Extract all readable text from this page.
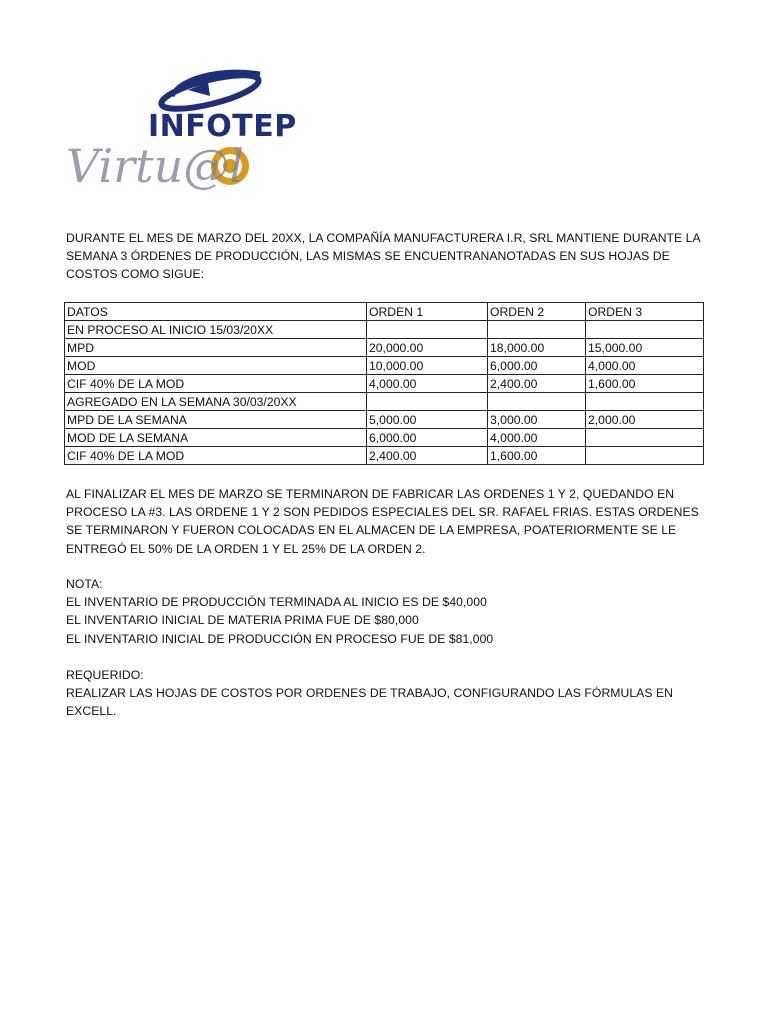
INFOTEP
Virtu@l

DURANTE EL MES DE MARZO DEL 20XX, LA COMPAÑÍA MANUFACTURERA I.R, SRL MANTIENE DURANTE LA SEMANA 3 ÓRDENES DE PRODUCCIÓN, LAS MISMAS SE ENCUENTRANANOTADAS EN SUS HOJAS DE COSTOS COMO SIGUE:

DATOS	ORDEN 1	ORDEN 2	ORDEN 3
EN PROCESO AL INICIO 15/03/20XX			
MPD	20,000.00	18,000.00	15,000.00
MOD	10,000.00	6,000.00	4,000.00
CIF 40% DE LA MOD	4,000.00	2,400.00	1,600.00
AGREGADO EN LA SEMANA 30/03/20XX			
MPD DE LA SEMANA	5,000.00	3,000.00	2,000.00
MOD DE LA SEMANA	6,000.00	4,000.00	
CIF 40% DE LA MOD	2,400.00	1,600.00	

AL FINALIZAR EL MES DE MARZO SE TERMINARON DE FABRICAR LAS ORDENES 1 Y 2, QUEDANDO EN PROCESO LA #3. LAS ORDENE 1 Y 2 SON PEDIDOS ESPECIALES DEL SR. RAFAEL FRIAS. ESTAS ORDENES SE TERMINARON Y FUERON COLOCADAS EN EL ALMACEN DE LA EMPRESA, POATERIORMENTE SE LE ENTREGÓ EL 50% DE LA ORDEN 1 Y EL 25% DE LA ORDEN 2.

NOTA:

EL INVENTARIO DE PRODUCCIÓN TERMINADA AL INICIO ES DE $40,000

EL INVENTARIO INICIAL DE MATERIA PRIMA FUE DE $80,000

EL INVENTARIO INICIAL DE PRODUCCIÓN EN PROCESO FUE DE $81,000

REQUERIDO:

REALIZAR LAS HOJAS DE COSTOS POR ORDENES DE TRABAJO, CONFIGURANDO LAS FÓRMULAS EN EXCELL.
